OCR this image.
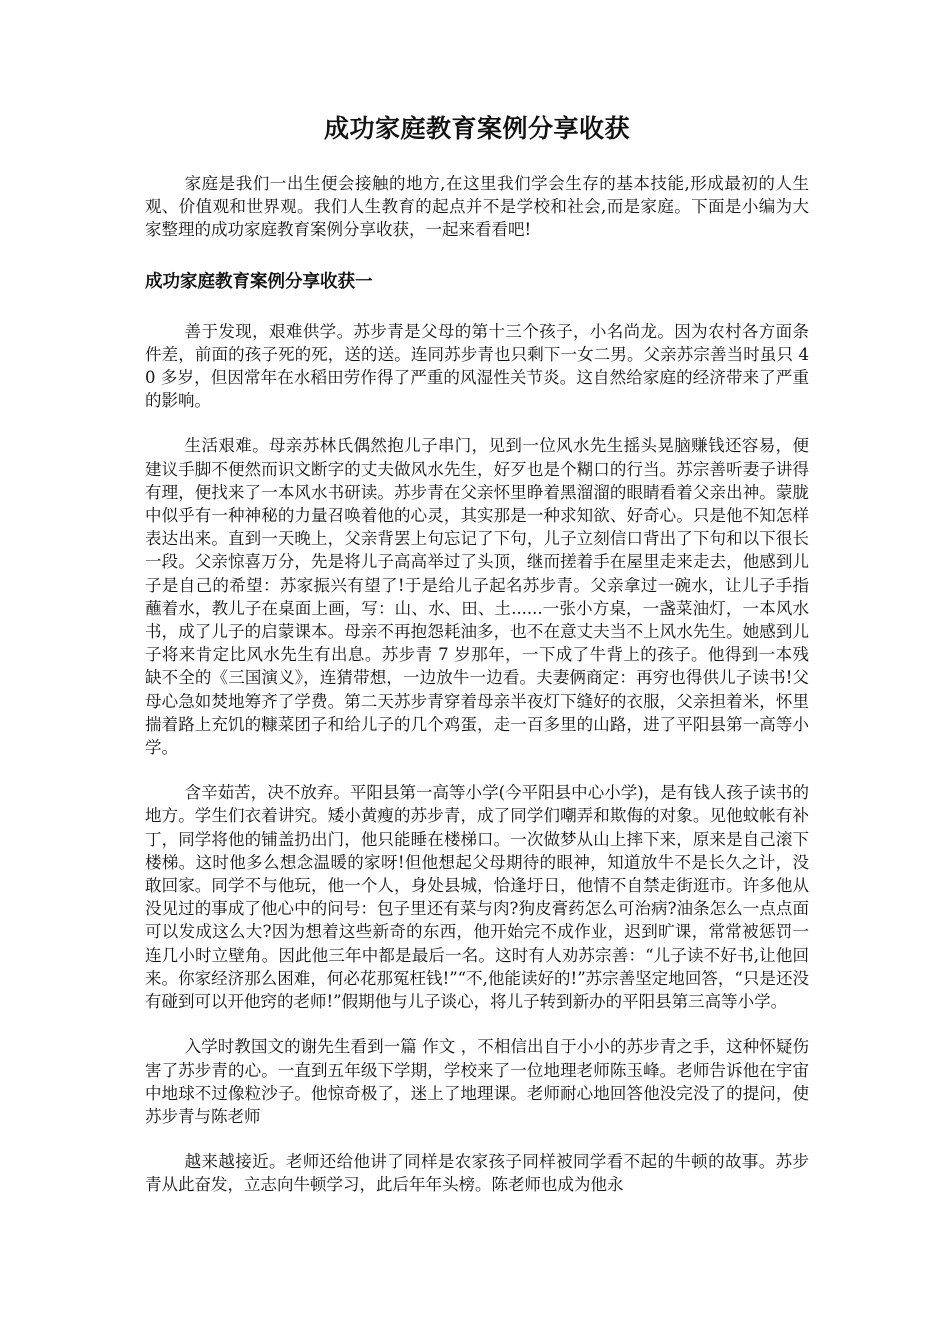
成功家庭教育案例分享收获

家庭是我们一出生便会接触的地方,在这里我们学会生存的基本技能,形成最初的人生观、价值观和世界观。我们人生教育的起点并不是学校和社会,而是家庭。下面是小编为大家整理的成功家庭教育案例分享收获，一起来看看吧!

成功家庭教育案例分享收获一

善于发现，艰难供学。苏步青是父母的第十三个孩子，小名尚龙。因为农村各方面条件差，前面的孩子死的死，送的送。连同苏步青也只剩下一女二男。父亲苏宗善当时虽只 40 多岁，但因常年在水稻田劳作得了严重的风湿性关节炎。这自然给家庭的经济带来了严重的影响。

生活艰难。母亲苏林氏偶然抱儿子串门，见到一位风水先生摇头晃脑赚钱还容易，便建议手脚不便然而识文断字的丈夫做风水先生，好歹也是个糊口的行当。苏宗善听妻子讲得有理，便找来了一本风水书研读。苏步青在父亲怀里睁着黑溜溜的眼睛看着父亲出神。蒙胧中似乎有一种神秘的力量召唤着他的心灵，其实那是一种求知欲、好奇心。只是他不知怎样表达出来。直到一天晚上，父亲背罢上句忘记了下句，儿子立刻信口背出了下句和以下很长一段。父亲惊喜万分，先是将儿子高高举过了头顶，继而搓着手在屋里走来走去，他感到儿子是自己的希望：苏家振兴有望了!于是给儿子起名苏步青。父亲拿过一碗水，让儿子手指蘸着水，教儿子在桌面上画，写：山、水、田、土......一张小方桌，一盏菜油灯，一本风水书，成了儿子的启蒙课本。母亲不再抱怨耗油多，也不在意丈夫当不上风水先生。她感到儿子将来肯定比风水先生有出息。苏步青 7 岁那年，一下成了牛背上的孩子。他得到一本残缺不全的《三国演义》，连猜带想，一边放牛一边看。夫妻俩商定：再穷也得供儿子读书!父母心急如焚地筹齐了学费。第二天苏步青穿着母亲半夜灯下缝好的衣服，父亲担着米，怀里揣着路上充饥的糠菜团子和给儿子的几个鸡蛋，走一百多里的山路，进了平阳县第一高等小学。

含辛茹苦，决不放弃。平阳县第一高等小学(今平阳县中心小学)，是有钱人孩子读书的地方。学生们衣着讲究。矮小黄瘦的苏步青，成了同学们嘲弄和欺侮的对象。见他蚊帐有补丁，同学将他的铺盖扔出门，他只能睡在楼梯口。一次做梦从山上摔下来，原来是自己滚下楼梯。这时他多么想念温暖的家呀!但他想起父母期待的眼神，知道放牛不是长久之计，没敢回家。同学不与他玩，他一个人，身处县城，恰逢圩日，他情不自禁走街逛市。许多他从没见过的事成了他心中的问号：包子里还有菜与肉?狗皮膏药怎么可治病?油条怎么一点点面可以发成这么大?因为想着这些新奇的东西，他开始完不成作业，迟到旷课，常常被惩罚一连几小时立壁角。因此他三年中都是最后一名。这时有人劝苏宗善：“儿子读不好书,让他回来。你家经济那么困难，何必花那冤枉钱!”“不,他能读好的!”苏宗善坚定地回答，“只是还没有碰到可以开他窍的老师!”假期他与儿子谈心，将儿子转到新办的平阳县第三高等小学。

入学时教国文的谢先生看到一篇 作文 ，不相信出自于小小的苏步青之手，这种怀疑伤害了苏步青的心。一直到五年级下学期，学校来了一位地理老师陈玉峰。老师告诉他在宇宙中地球不过像粒沙子。他惊奇极了，迷上了地理课。老师耐心地回答他没完没了的提问，使苏步青与陈老师

越来越接近。老师还给他讲了同样是农家孩子同样被同学看不起的牛顿的故事。苏步青从此奋发，立志向牛顿学习，此后年年头榜。陈老师也成为他永
